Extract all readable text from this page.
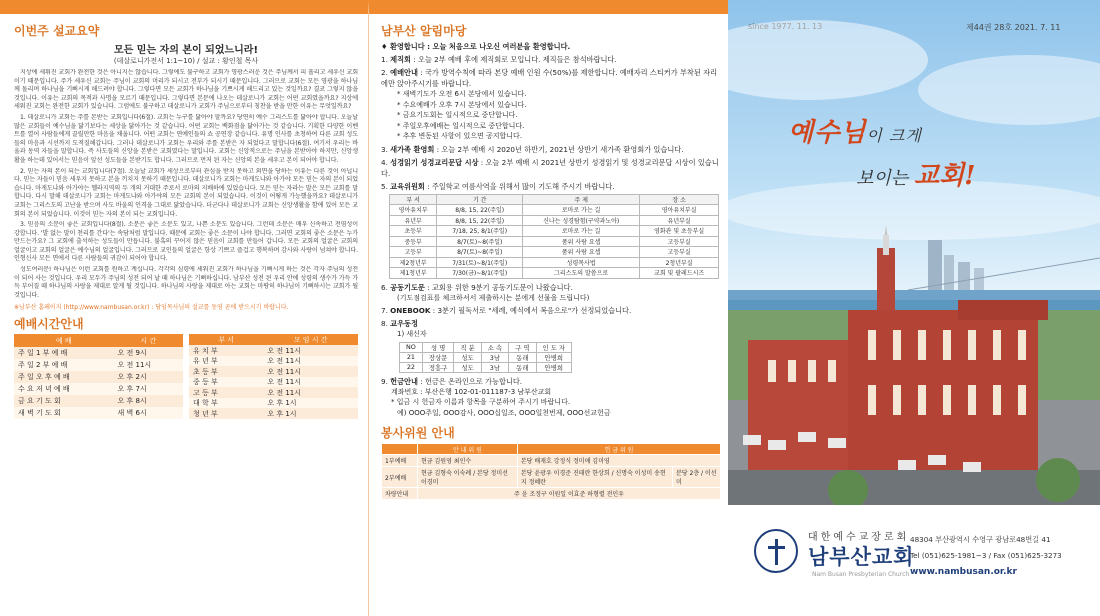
이번주 설교요약
모든 믿는 자의 본이 되었느니라!
(데살로니가전서 1:1~10) / 설교 : 황인철 목사

지상에 세워진 교회가 완전한 것은 아니지는 않습니다. 그렇에도 불구하고 교회가 영광스러운 것은 주님께서 피 흘리고 세우신 교회이기 때문입니다. 주가 세우신 교회는 주님이 교회의 머리가 되시고 전부가 되시기 때문입니다. 그러므로 교회는 모든 영광을 하나님께 돌리며 하나님을 기뻐시게 해드려야 합니다. 그렇다면 모든 교회가 하나님을 기쁘시게 해드리고 있는 것일까요? 결코 그렇지 않을 것입니다. 이유는 교회의 목적과 사명을 모르기 때문입니다. 그렇다면 본문에 나오는 데살로니가 교회는 어떤 교회였을까요? 지상에 세워진 교회는 완전한 교회가 있습니다. 그럼에도 불구하고 데살로니가 교회가 주님으로부터 칭찬을 받을 만한 이유는 무엇일까요?

1. 데살로니가 교회는 주를 본받는 교회입니다(6절). 교회는 누구를 닮아야 할까요? 당연히 예수 그리스도를 닮아야 합니다. 오늘날 많은 교회들이 예수님을 닮기보다는 세상을 닮아가는 것 같습니다. 어떤 교회는 백화점을 닮아가는 것 같습니다. 기획한 다양한 이벤트를 열어 사람들에게 끌릴만한 마음을 채웁니다. 어떤 교회는 연예인들의 쇼 공연장 같습니다. 유명 인사를 초청하여 다른 교회 성도들의 마음과 시선까지 도적질해갑니다. 그러나 데살로니가 교회는 우리와 주를 본받은 자 되었다고 말합니다(6절). 여기서 우리는 바울과 동역 자들을 말합니다. 즉 사도들의 신앙을 본받은 교회였다는 말입니다. 교회는 신앙적으로는 주님을 본받아야 하지만, 신앙생활을 하는데 있어서는 믿음이 앞선 성도들을 본받기도 합니다. 그러므로 먼저 된 자는 신앙의 본을 세우고 본이 되어야 합니다.

2. 믿는 자의 본이 되는 교회입니다(7절). 오늘날 교회가 세상으로부터 관심을 받지 못하고 외면을 당하는 이유는 다른 것이 아닙니다. 믿는 자들이 믿음 세우지 못하고 본을 끼치지 못하기 때문입니다. 데살로니가 교회는 마게도냐와 아가야 모든 믿는 자의 본이 되었습니다. 마게도냐와 아가야는 헬라지역의 두 개의 거대한 주로서 로마의 지배하에 있었습니다. 모든 믿는 자라는 말은 모든 교회를 말합니다. 다시 말해 데살로니가 교회는 마게도냐와 아가야의 모든 교회의 본이 되었습니다. 이것이 어떻게 가능했을까요? 데살로니가 교회는 그리스도의 고난을 받으며 사도 바울의 인격을 그대로 닮았습니다. 더군다나 데살로니가 교회는 신앙생활을 함에 있어 모든 교회의 본이 되었습니다. 이것이 믿는 자의 본이 되는 교회입니다.

3. 믿음의 소문이 좋은 교회입니다(8절). 소문은 좋은 소문도 있고, 나쁜 소문도 있습니다. 그런데 소문은 매우 신속하고 전염성이 강합니다. '발 없는 말이 천리를 간다'는 속담처럼 말입니다. 때문에 교회는 좋은 소문이 나야 합니다. 그러면 교회의 좋은 소문은 누가 만드는가요? 그 교회에 출석하는 성도들이 만듭니다. 불혹의 꾸어지 않은 믿음이 교회를 만들어 갑니다. 모든 교회의 얼굴은 교회의 얼굴이고 교회의 얼굴은 예수님의 얼굴입니다. 그러므로 교인들의 얼굴은 항상 기쁘고 즐겁고 행복하며 감사와 사랑이 넘쳐야 합니다. 인형신사 모든 면에서 다른 사람들의 귀감이 되어야 합니다.

성도여러분! 하나님은 이런 교회를 원하고 계십니다. 각각의 심령에 세워진 교회가 하나님을 기뻐시게 하는 것은 각자 주님의 성전이 되어 사는 것입니다. 우리 모두가 주님의 성전 되어 날 때 하나님은 기뻐하십니다. 남부산 성전 된 우리 안에 성령의 생수가 가득 가득 부어질 때 하나님의 사랑을 제대로 알게 될 것입니다. 하나님의 사랑을 제대로 아는 교회는 마땅히 하나님이 기뻐하시는 교회가 될 것입니다.

※남부산 홈페이지 (http://www.nambusan.or.kr) : 담임목사님의 설교를 동영 곧에 받으시기 바랍니다.
예배시간안내
예 배	시 간
주 일 1 부 예 배	오 전 9시
주 일 2 부 예 배	오 전 11시
주 일 오 후 예 배	오 후 2시
수 요 저 녁 예 배	오 후 7시
금 요 기 도 회	오 후 8시
새 벽 기 도 회	새 벽 6시
부 서	모 임 시 간
유 치 부	오 전 11시
유 년 부	오 전 11시
초 등 부	오 전 11시
중 등 부	오 전 11시
고 등 부	오 전 11시
대 학 부	오 후 1시
청 년 부	오 후 1시
남부산 알림마당
♦ 환영합니다 : 오늘 처음으로 나오신 여러분을 환영합니다.
1. 제직회 : 오늘 2부 예배 후에 제직회로 모입니다. 제직들은 참석바랍니다.
2. 예배안내 : 국가 방역수칙에 따라 본당 예배 인원 수(50%)를 제한합니다. 예배자리 스티커가 부착된 자리에만 앉아주시기를 바랍니다.
* 새벽기도가 오전 6시 본당에서 있습니다.
* 수요예배가 오후 7시 본당에서 있습니다.
* 금요기도회는 일시적으로 중단합니다.
* 주일오후예배는 일시적으로 중단합니다.
* 추후 변동된 사항이 있으면 공지합니다.
3. 새가족 환영회 : 오늘 2부 예배 시 2020년 하반기, 2021년 상반기 새가족 환영회가 있습니다.
4. 성경읽기 성경교리문답 시상 : 오늘 2부 예배 시 2021년 상반기 성경읽기 및 성경교리문답 시상이 있습니다.
5. 교육위원회 : 주일학교 여름사역을 위해서 많이 기도해 주시기 바랍니다.
부 서	기 간	주 제	장 소
영아유치부	8/8, 15, 22(주일)	로마로 가는 길	영아유치부실
유년부	8/8, 15, 22(주일)	신나는 성경탐험(구약과노아)	유년부실
초등부	7/18, 25, 8/1(주일)	로마로 가는 길	영화관 및 초등부실
중등부	8/7(토)~8(주일)	품위 사람 요셉	고등부실
고등부	8/7(토)~8(주일)	품위 사람 요셉	고등부실
제2청년부	7/31(토)~8/1(주일)	성령목사법	2청년부실
제1청년부	7/30(금)~8/1(주일)	그리스도의 말씀으로	교회 및 팔레드시즈
6. 공동기도문 : 교회용 위한 9분기 공동기도문이 나왔습니다.
(기도점검표를 체크하셔서 제출하시는 분에게 선물을 드립니다)
7. ONEBOOK : 3분기 필독서로 "세례, 예식에서 복음으로"가 선정되었습니다.
8. 교우동정
1) 새신자
NO	성 명	직 분	소 속	구 역	인 도 자
21	장상문	성도	3남	동래	안병희
22	정흥구	성도	3남	동래	안병희
9. 헌금안내 : 헌금은 온라인으로 가능합니다.
계좌번호 : 부산은행 102-01-011187-3 남부산교회
* 입금 시 헌금자 이름과 항목을 구분하여 주시기 바랍니다.
예) OOO주일, OOO감사, OOO십일조, OOO일천번제, OOO선교헌금
봉사위원 안내
	안 내 위 원	헌 금 위 원	
1부예배	현금 김원영 최인수	본당 배재호 강정식 정미애 김미영	
2부예배	현금 김형숙 이숙례 / 본당 정미선 이경미	본당 윤광우 이경준 진태란 한상희 / 신명숙 이성미 송현지 정혜란	분당 2층 / 이선미
차량안내	주 윤 조정구 이원일 이효준 하형렬 전인우		
제44권 28호 2021. 7. 11
예수님이 크게
보이는 교회!
대한예수교장로회
남부산교회
Nam Busan Presbyterian Church
48304 부산광역시 수영구 광남로48번길 41
Tel (051)625-1981~3 / Fax (051)625-3273
www.nambusan.or.kr
